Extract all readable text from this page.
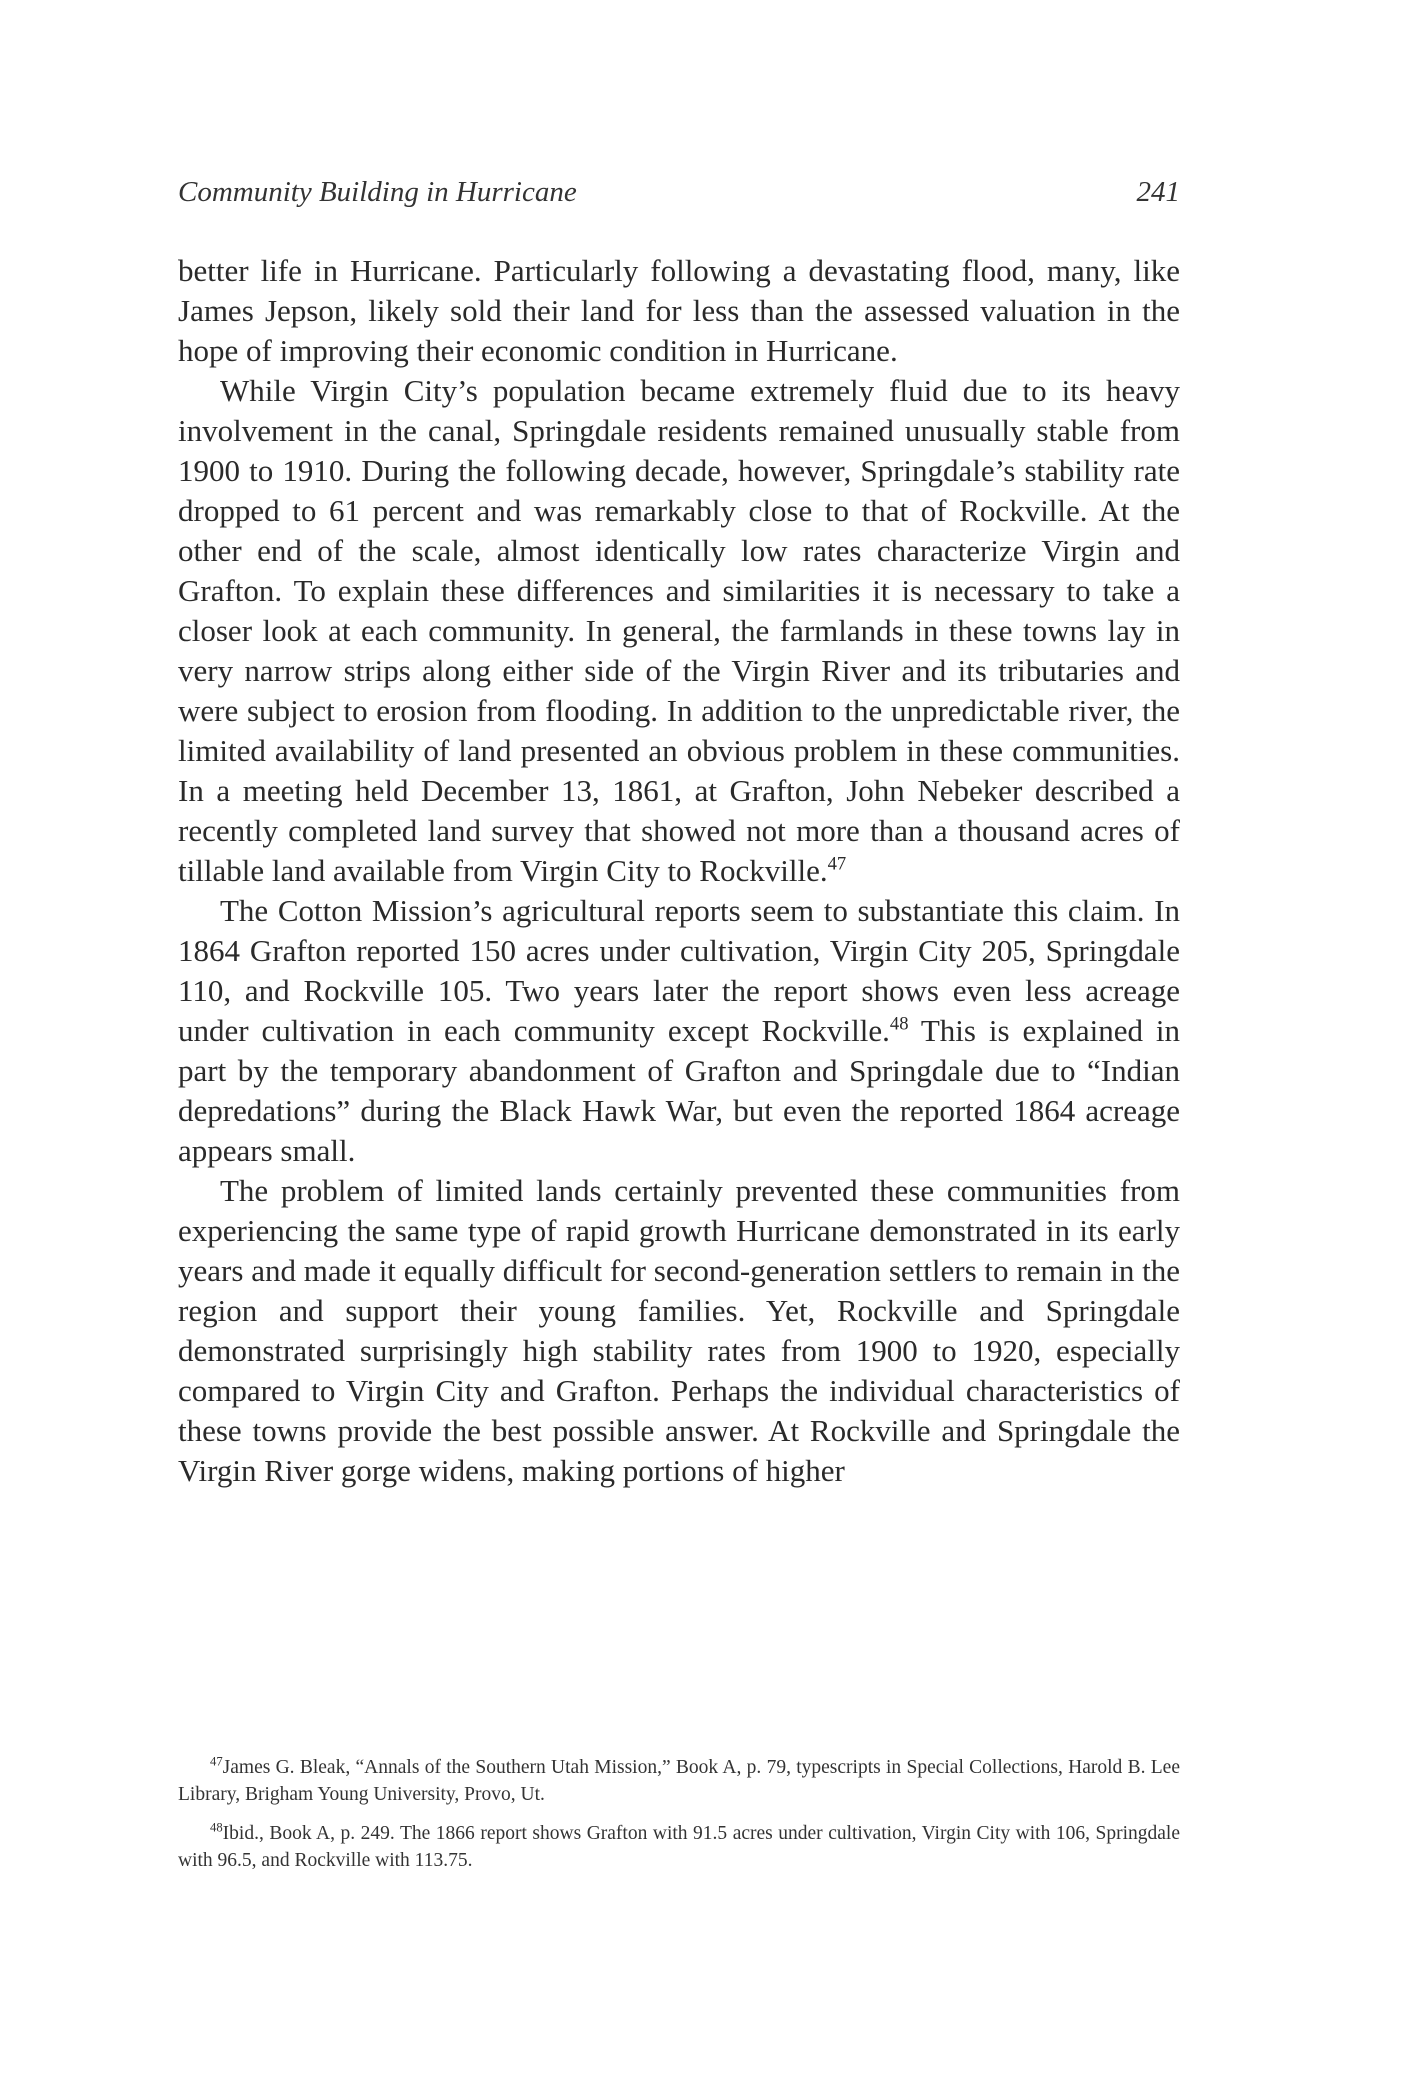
Community Building in Hurricane	241

better life in Hurricane. Particularly following a devastating flood, many, like James Jepson, likely sold their land for less than the assessed valuation in the hope of improving their economic condition in Hurricane.

While Virgin City’s population became extremely fluid due to its heavy involvement in the canal, Springdale residents remained unusually stable from 1900 to 1910. During the following decade, however, Springdale’s stability rate dropped to 61 percent and was remarkably close to that of Rockville. At the other end of the scale, almost identically low rates characterize Virgin and Grafton. To explain these differences and similarities it is necessary to take a closer look at each community. In general, the farmlands in these towns lay in very narrow strips along either side of the Virgin River and its tributaries and were subject to erosion from flooding. In addition to the unpredictable river, the limited availability of land presented an obvious problem in these communities. In a meeting held December 13, 1861, at Grafton, John Nebeker described a recently completed land survey that showed not more than a thousand acres of tillable land available from Virgin City to Rockville.$^{47}$

The Cotton Mission’s agricultural reports seem to substantiate this claim. In 1864 Grafton reported 150 acres under cultivation, Virgin City 205, Springdale 110, and Rockville 105. Two years later the report shows even less acreage under cultivation in each community except Rockville.$^{48}$ This is explained in part by the temporary abandonment of Grafton and Springdale due to “Indian depredations” during the Black Hawk War, but even the reported 1864 acreage appears small.

The problem of limited lands certainly prevented these communities from experiencing the same type of rapid growth Hurricane demonstrated in its early years and made it equally difficult for second-generation settlers to remain in the region and support their young families. Yet, Rockville and Springdale demonstrated surprisingly high stability rates from 1900 to 1920, especially compared to Virgin City and Grafton. Perhaps the individual characteristics of these towns provide the best possible answer. At Rockville and Springdale the Virgin River gorge widens, making portions of higher

$^{47}$James G. Bleak, “Annals of the Southern Utah Mission,” Book A, p. 79, typescripts in Special Collections, Harold B. Lee Library, Brigham Young University, Provo, Ut.

$^{48}$Ibid., Book A, p. 249. The 1866 report shows Grafton with 91.5 acres under cultivation, Virgin City with 106, Springdale with 96.5, and Rockville with 113.75.
